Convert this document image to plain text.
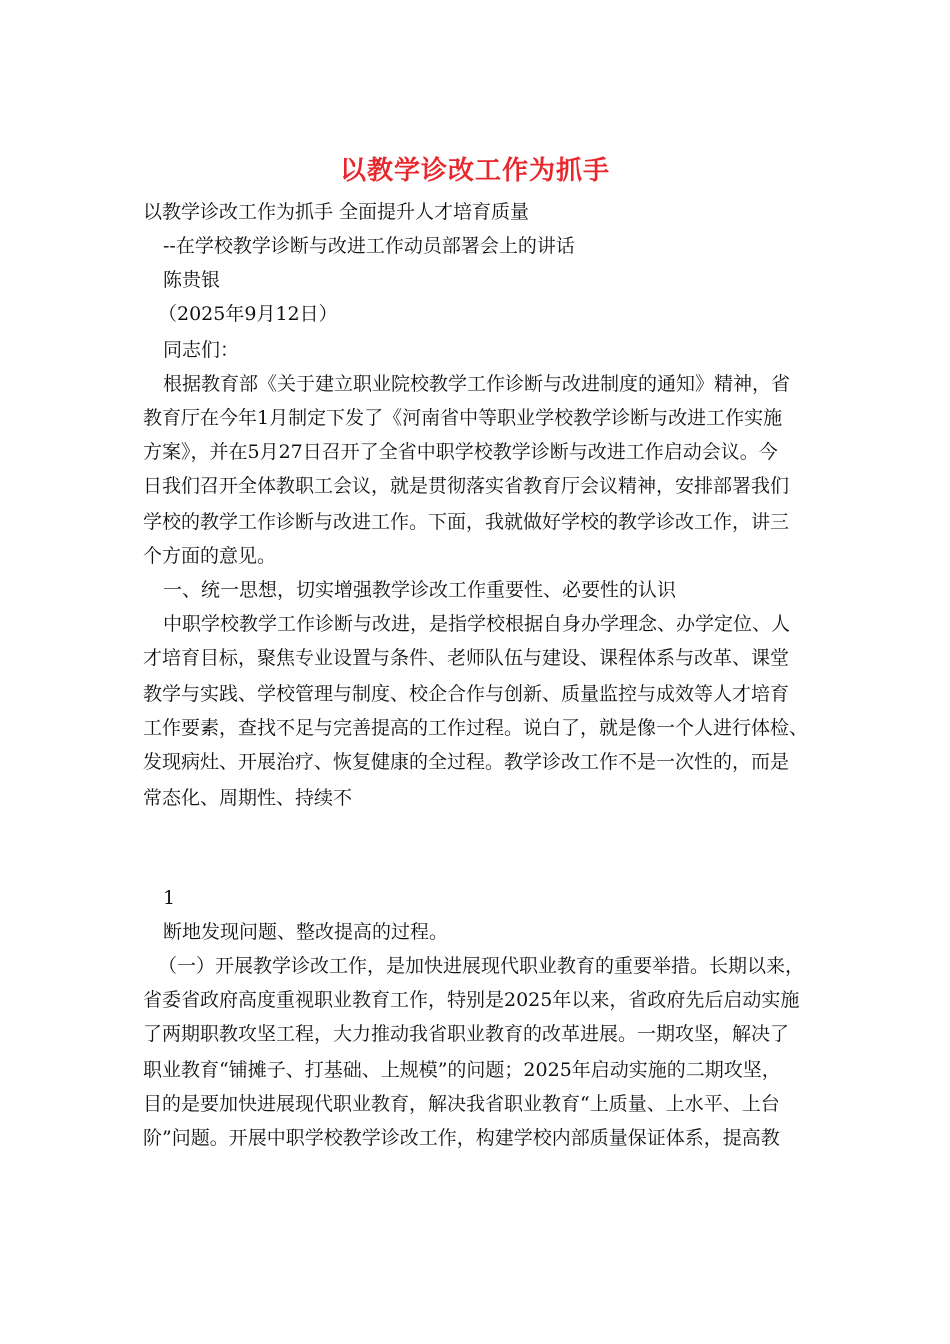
以教学诊改工作为抓手
以教学诊改工作为抓手 全面提升人才培育质量
--在学校教学诊断与改进工作动员部署会上的讲话
陈贵银
（2025年9月12日）
同志们：
根据教育部《关于建立职业院校教学工作诊断与改进制度的通知》精神，省
教育厅在今年1月制定下发了《河南省中等职业学校教学诊断与改进工作实施
方案》，并在5月27日召开了全省中职学校教学诊断与改进工作启动会议。今
日我们召开全体教职工会议，就是贯彻落实省教育厅会议精神，安排部署我们
学校的教学工作诊断与改进工作。下面，我就做好学校的教学诊改工作，讲三
个方面的意见。
一、统一思想，切实增强教学诊改工作重要性、必要性的认识
中职学校教学工作诊断与改进，是指学校根据自身办学理念、办学定位、人
才培育目标，聚焦专业设置与条件、老师队伍与建设、课程体系与改革、课堂
教学与实践、学校管理与制度、校企合作与创新、质量监控与成效等人才培育
工作要素，查找不足与完善提高的工作过程。说白了，就是像一个人进行体检、
发现病灶、开展治疗、恢复健康的全过程。教学诊改工作不是一次性的，而是
常态化、周期性、持续不
1
断地发现问题、整改提高的过程。
（一）开展教学诊改工作，是加快进展现代职业教育的重要举措。长期以来，
省委省政府高度重视职业教育工作，特别是2025年以来，省政府先后启动实施
了两期职教攻坚工程，大力推动我省职业教育的改革进展。一期攻坚，解决了
职业教育“铺摊子、打基础、上规模”的问题；2025年启动实施的二期攻坚，
目的是要加快进展现代职业教育，解决我省职业教育“上质量、上水平、上台
阶”问题。开展中职学校教学诊改工作，构建学校内部质量保证体系，提高教
